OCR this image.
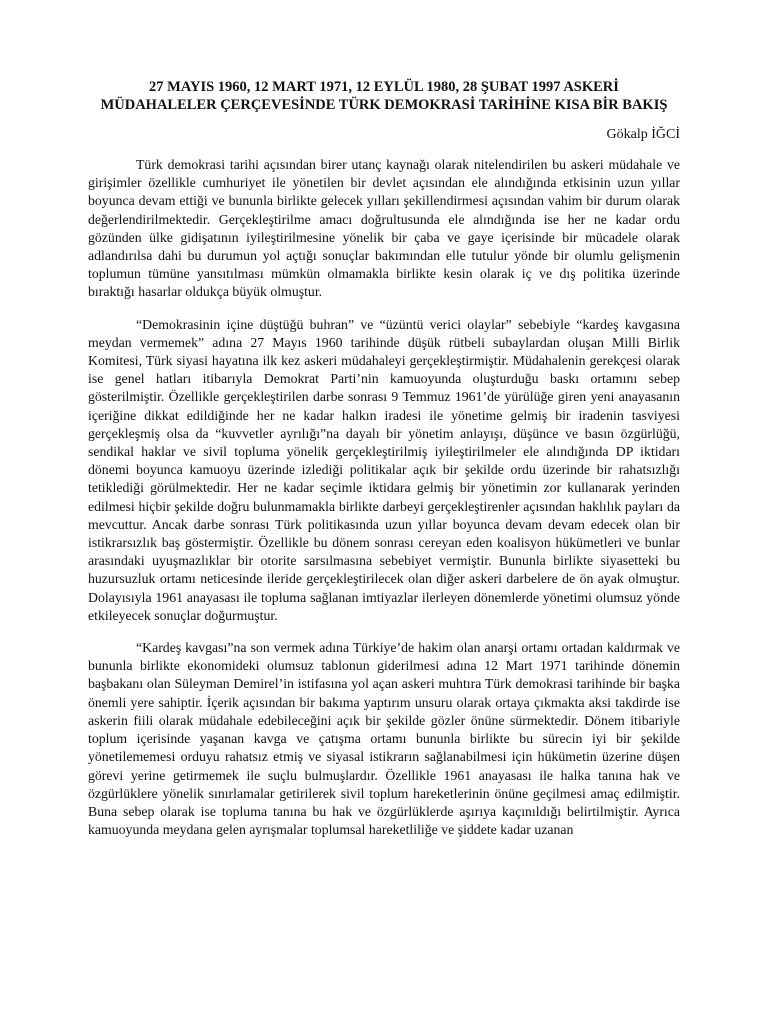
27 MAYIS 1960, 12 MART 1971, 12 EYLÜL 1980, 28 ŞUBAT 1997 ASKERİ MÜDAHALELER ÇERÇEVESİNDE TÜRK DEMOKRASİ TARİHİNE KISA BİR BAKIŞ

Gökalp İĞCİ

Türk demokrasi tarihi açısından birer utanç kaynağı olarak nitelendirilen bu askeri müdahale ve girişimler özellikle cumhuriyet ile yönetilen bir devlet açısından ele alındığında etkisinin uzun yıllar boyunca devam ettiği ve bununla birlikte gelecek yılları şekillendirmesi açısından vahim bir durum olarak değerlendirilmektedir. Gerçekleştirilme amacı doğrultusunda ele alındığında ise her ne kadar ordu gözünden ülke gidişatının iyileştirilmesine yönelik bir çaba ve gaye içerisinde bir mücadele olarak adlandırılsa dahi bu durumun yol açtığı sonuçlar bakımından elle tutulur yönde bir olumlu gelişmenin toplumun tümüne yansıtılması mümkün olmamakla birlikte kesin olarak iç ve dış politika üzerinde bıraktığı hasarlar oldukça büyük olmuştur.

“Demokrasinin içine düştüğü buhran” ve “üzüntü verici olaylar” sebebiyle “kardeş kavgasına meydan vermemek” adına 27 Mayıs 1960 tarihinde düşük rütbeli subaylardan oluşan Milli Birlik Komitesi, Türk siyasi hayatına ilk kez askeri müdahaleyi gerçekleştirmiştir. Müdahalenin gerekçesi olarak ise genel hatları itibarıyla Demokrat Parti’nin kamuoyunda oluşturduğu baskı ortamını sebep gösterilmiştir. Özellikle gerçekleştirilen darbe sonrası 9 Temmuz 1961’de yürülüğe giren yeni anayasanın içeriğine dikkat edildiğinde her ne kadar halkın iradesi ile yönetime gelmiş bir iradenin tasviyesi gerçekleşmiş olsa da “kuvvetler ayrılığı”na dayalı bir yönetim anlayışı, düşünce ve basın özgürlüğü, sendikal haklar ve sivil topluma yönelik gerçekleştirilmiş iyileştirilmeler ele alındığında DP iktidarı dönemi boyunca kamuoyu üzerinde izlediği politikalar açık bir şekilde ordu üzerinde bir rahatsızlığı tetiklediği görülmektedir. Her ne kadar seçimle iktidara gelmiş bir yönetimin zor kullanarak yerinden edilmesi hiçbir şekilde doğru bulunmamakla birlikte darbeyi gerçekleştirenler açısından haklılık payları da mevcuttur. Ancak darbe sonrası Türk politikasında uzun yıllar boyunca devam devam edecek olan bir istikrarsızlık baş göstermiştir. Özellikle bu dönem sonrası cereyan eden koalisyon hükümetleri ve bunlar arasındaki uyuşmazlıklar bir otorite sarsılmasına sebebiyet vermiştir. Bununla birlikte siyasetteki bu huzursuzluk ortamı neticesinde ileride gerçekleştirilecek olan diğer askeri darbelere de ön ayak olmuştur. Dolayısıyla 1961 anayasası ile topluma sağlanan imtiyazlar ilerleyen dönemlerde yönetimi olumsuz yönde etkileyecek sonuçlar doğurmuştur.

“Kardeş kavgası”na son vermek adına Türkiye’de hakim olan anarşi ortamı ortadan kaldırmak ve bununla birlikte ekonomideki olumsuz tablonun giderilmesi adına 12 Mart 1971 tarihinde dönemin başbakanı olan Süleyman Demirel’in istifasına yol açan askeri muhtıra Türk demokrasi tarihinde bir başka önemli yere sahiptir. İçerik açısından bir bakıma yaptırım unsuru olarak ortaya çıkmakta aksi takdirde ise askerin fiili olarak müdahale edebileceğini açık bir şekilde gözler önüne sürmektedir. Dönem itibariyle toplum içerisinde yaşanan kavga ve çatışma ortamı bununla birlikte bu sürecin iyi bir şekilde yönetilememesi orduyu rahatsız etmiş ve siyasal istikrarın sağlanabilmesi için hükümetin üzerine düşen görevi yerine getirmemek ile suçlu bulmuşlardır. Özellikle 1961 anayasası ile halka tanına hak ve özgürlüklere yönelik sınırlamalar getirilerek sivil toplum hareketlerinin önüne geçilmesi amaç edilmiştir. Buna sebep olarak ise topluma tanına bu hak ve özgürlüklerde aşırıya kaçınıldığı belirtilmiştir. Ayrıca kamuoyunda meydana gelen ayrışmalar toplumsal hareketliliğe ve şiddete kadar uzanan
